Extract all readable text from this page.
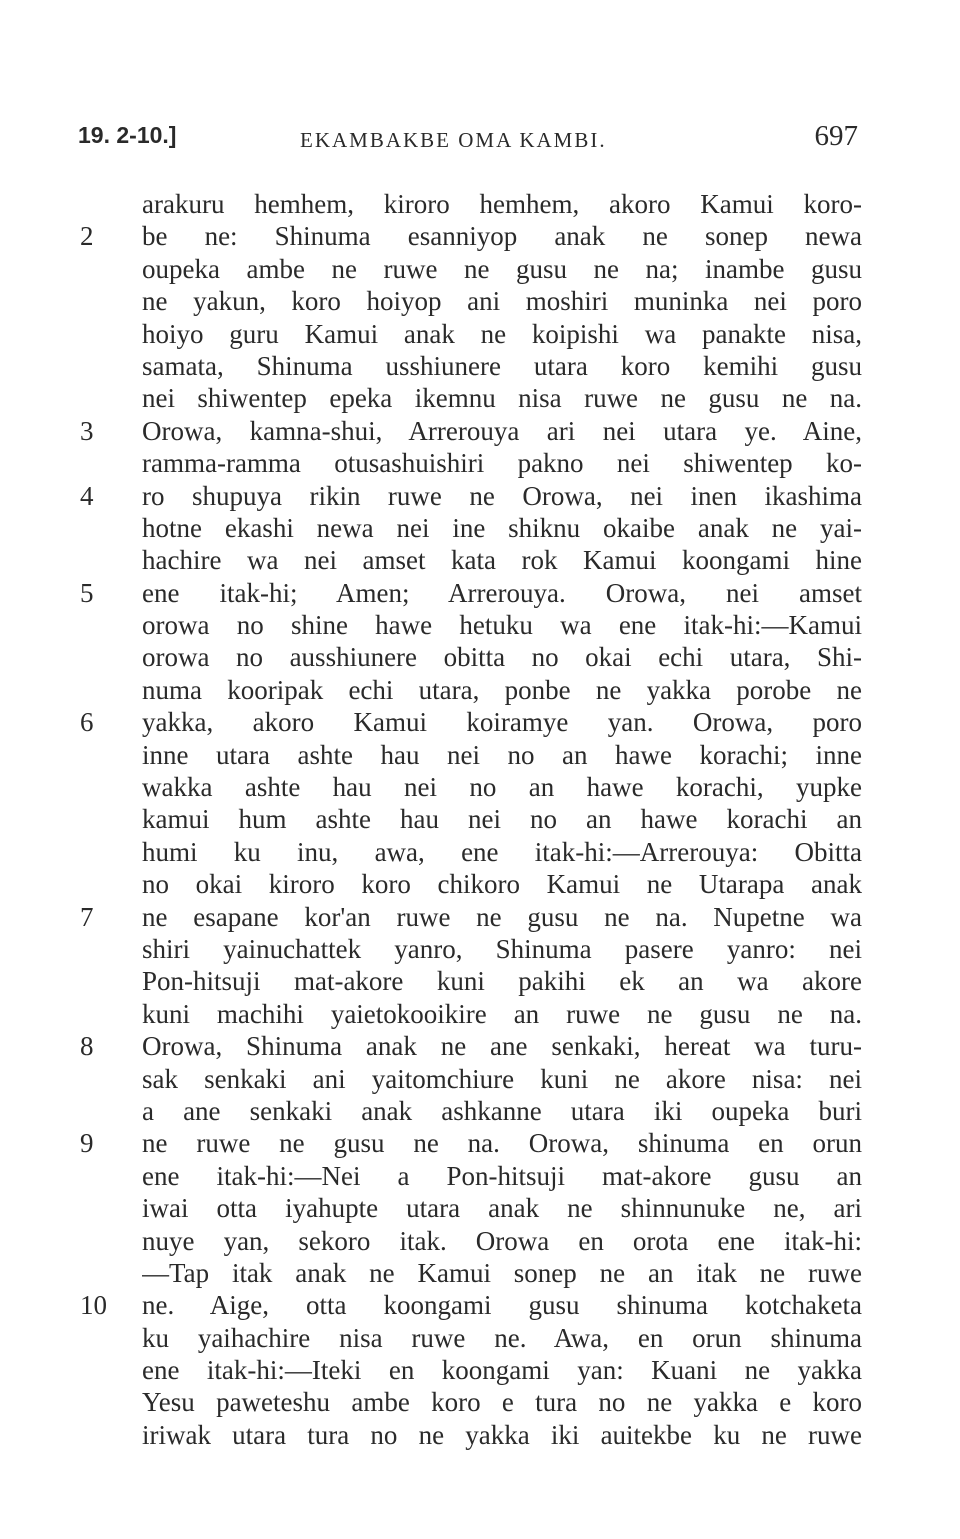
19. 2-10.]	EKAMBAKBE OMA KAMBI.	697
arakuru hemhem, kiroro hemhem, akoro Kamui koro-
2	be ne: Shinuma esanniyop anak ne sonep newa
oupeka ambe ne ruwe ne gusu ne na; inambe gusu
ne yakun, koro hoiyop ani moshiri muninka nei poro
hoiyo guru Kamui anak ne koipishi wa panakte nisa,
samata, Shinuma usshiunere utara koro kemihi gusu
nei shiwentep epeka ikemnu nisa ruwe ne gusu ne na.
3	Orowa, kamna-shui, Arrerouya ari nei utara ye. Aine,
ramma-ramma otusashuishiri pakno nei shiwentep ko-
4	ro shupuya rikin ruwe ne Orowa, nei inen ikashima
hotne ekashi newa nei ine shiknu okaibe anak ne yai-
hachire wa nei amset kata rok Kamui koongami hine
5	ene itak-hi; Amen; Arrerouya. Orowa, nei amset
orowa no shine hawe hetuku wa ene itak-hi:—Kamui
orowa no ausshiunere obitta no okai echi utara, Shi-
numa kooripak echi utara, ponbe ne yakka porobe ne
6	yakka, akoro Kamui koiramye yan. Orowa, poro
inne utara ashte hau nei no an hawe korachi; inne
wakka ashte hau nei no an hawe korachi, yupke
kamui hum ashte hau nei no an hawe korachi an
humi ku inu, awa, ene itak-hi:—Arrerouya: Obitta
no okai kiroro koro chikoro Kamui ne Utarapa anak
7	ne esapane kor'an ruwe ne gusu ne na. Nupetne wa
shiri yainuchattek yanro, Shinuma pasere yanro: nei
Pon-hitsuji mat-akore kuni pakihi ek an wa akore
kuni machihi yaietokooikire an ruwe ne gusu ne na.
8	Orowa, Shinuma anak ne ane senkaki, hereat wa turu-
sak senkaki ani yaitomchiure kuni ne akore nisa: nei
a ane senkaki anak ashkanne utara iki oupeka buri
9	ne ruwe ne gusu ne na. Orowa, shinuma en orun
ene itak-hi:—Nei a Pon-hitsuji mat-akore gusu an
iwai otta iyahupte utara anak ne shinnunuke ne, ari
nuye yan, sekoro itak. Orowa en orota ene itak-hi:
—Tap itak anak ne Kamui sonep ne an itak ne ruwe
10	ne. Aige, otta koongami gusu shinuma kotchaketa
ku yaihachire nisa ruwe ne. Awa, en orun shinuma
ene itak-hi:—Iteki en koongami yan: Kuani ne yakka
Yesu paweteshu ambe koro e tura no ne yakka e koro
iriwak utara tura no ne yakka iki auitekbe ku ne ruwe
